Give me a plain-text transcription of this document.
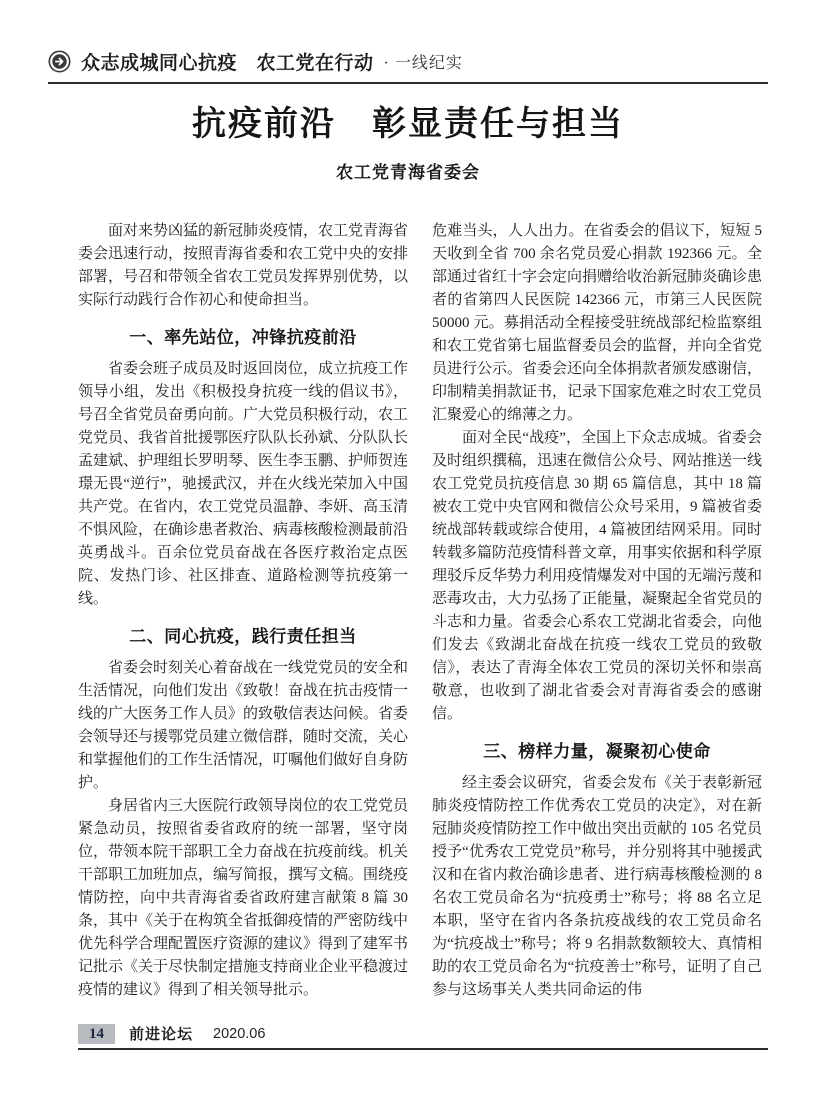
众志成城同心抗疫　农工党在行动 · 一线纪实
抗疫前沿　彰显责任与担当
农工党青海省委会

面对来势凶猛的新冠肺炎疫情，农工党青海省委会迅速行动，按照青海省委和农工党中央的安排部署，号召和带领全省农工党员发挥界别优势，以实际行动践行合作初心和使命担当。

一、率先站位，冲锋抗疫前沿

省委会班子成员及时返回岗位，成立抗疫工作领导小组，发出《积极投身抗疫一线的倡议书》，号召全省党员奋勇向前。广大党员积极行动，农工党党员、我省首批援鄂医疗队队长孙斌、分队队长孟建斌、护理组长罗明琴、医生李玉鹏、护师贺连璟无畏“逆行”，驰援武汉，并在火线光荣加入中国共产党。在省内，农工党党员温静、李妍、高玉清不惧风险，在确诊患者救治、病毒核酸检测最前沿英勇战斗。百余位党员奋战在各医疗救治定点医院、发热门诊、社区排查、道路检测等抗疫第一线。

二、同心抗疫，践行责任担当

省委会时刻关心着奋战在一线党党员的安全和生活情况，向他们发出《致敬！奋战在抗击疫情一线的广大医务工作人员》的致敬信表达问候。省委会领导还与援鄂党员建立微信群，随时交流，关心和掌握他们的工作生活情况，叮嘱他们做好自身防护。

身居省内三大医院行政领导岗位的农工党党员紧急动员，按照省委省政府的统一部署，坚守岗位，带领本院干部职工全力奋战在抗疫前线。机关干部职工加班加点，编写简报，撰写文稿。围绕疫情防控，向中共青海省委省政府建言献策 8 篇 30 条，其中《关于在构筑全省抵御疫情的严密防线中优先科学合理配置医疗资源的建议》得到了建军书记批示《关于尽快制定措施支持商业企业平稳渡过疫情的建议》得到了相关领导批示。

危难当头，人人出力。在省委会的倡议下，短短 5 天收到全省 700 余名党员爱心捐款 192366 元。全部通过省红十字会定向捐赠给收治新冠肺炎确诊患者的省第四人民医院 142366 元，市第三人民医院 50000 元。募捐活动全程接受驻统战部纪检监察组和农工党省第七届监督委员会的监督，并向全省党员进行公示。省委会还向全体捐款者颁发感谢信，印制精美捐款证书，记录下国家危难之时农工党员汇聚爱心的绵薄之力。

面对全民“战疫”，全国上下众志成城。省委会及时组织撰稿，迅速在微信公众号、网站推送一线农工党党员抗疫信息 30 期 65 篇信息，其中 18 篇被农工党中央官网和微信公众号采用，9 篇被省委统战部转载或综合使用，4 篇被团结网采用。同时转载多篇防范疫情科普文章，用事实依据和科学原理驳斥反华势力利用疫情爆发对中国的无端污蔑和恶毒攻击，大力弘扬了正能量，凝聚起全省党员的斗志和力量。省委会心系农工党湖北省委会，向他们发去《致湖北奋战在抗疫一线农工党员的致敬信》，表达了青海全体农工党员的深切关怀和崇高敬意，也收到了湖北省委会对青海省委会的感谢信。

三、榜样力量，凝聚初心使命

经主委会议研究，省委会发布《关于表彰新冠肺炎疫情防控工作优秀农工党员的决定》，对在新冠肺炎疫情防控工作中做出突出贡献的 105 名党员授予“优秀农工党党员”称号，并分别将其中驰援武汉和在省内救治确诊患者、进行病毒核酸检测的 8 名农工党员命名为“抗疫勇士”称号；将 88 名立足本职，坚守在省内各条抗疫战线的农工党员命名为“抗疫战士”称号；将 9 名捐款数额较大、真情相助的农工党员命名为“抗疫善士”称号，证明了自己参与这场事关人类共同命运的伟

14	前进论坛 2020.06
